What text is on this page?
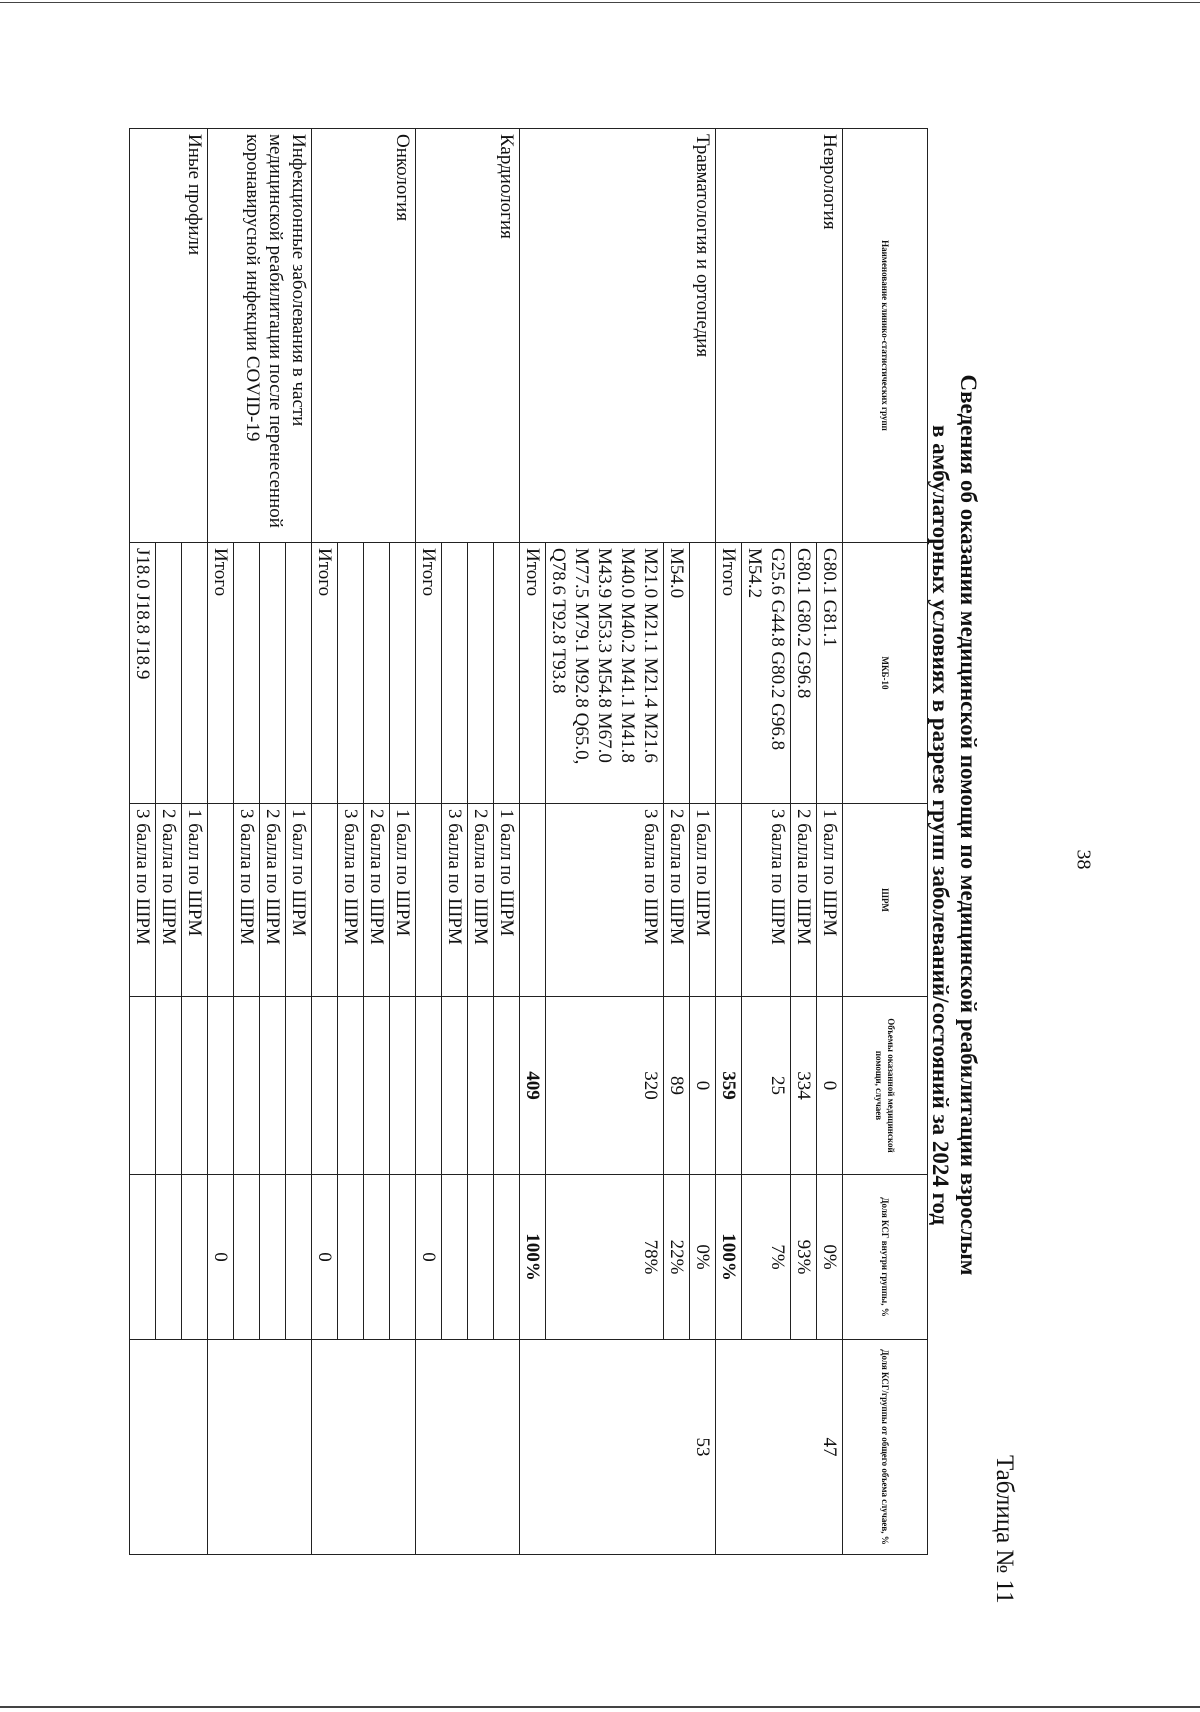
38
Таблица № 11
Сведения об оказании медицинской помощи по медицинской реабилитации взрослым
в амбулаторных условиях в разрезе групп заболеваний/состояний за 2024 год
Наименование клинико-статистических групп	МКБ-10	ШРМ	Объемы оказанной медицинской помощи, случаев	Доля КСГ внутри группы, %	Доля КСГ/группы от общего объема случаев, %
Неврология	G80.1 G81.1	1 балл по ШРМ	0	0%	47
	G80.1 G80.2 G96.8	2 балла по ШРМ	334	93%	
	G25.6 G44.8 G80.2 G96.8 M54.2	3 балла по ШРМ	25	7%	
	Итого		359	100%	
Травматология и ортопедия		1 балл по ШРМ	0	0%	53
	M54.0	2 балла по ШРМ	89	22%	
	M21.0 M21.1 M21.4 M21.6 M40.0 M40.2 M41.1 M41.8 M43.9 M53.3 M54.8 M67.0 M77.5 M79.1 M92.8 Q65.0, Q78.6 T92.8 T93.8	3 балла по ШРМ	320	78%	
	Итого		409	100%	
Кардиология		1 балл по ШРМ			
		2 балла по ШРМ			
		3 балла по ШРМ			
	Итого			0	
Онкология		1 балл по ШРМ			
		2 балла по ШРМ			
		3 балла по ШРМ			
	Итого			0	
Инфекционные заболевания в части медицинской реабилитации после перенесенной коронавирусной инфекции COVID-19		1 балл по ШРМ			
		2 балла по ШРМ			
		3 балла по ШРМ			
	Итого			0	
Иные профили		1 балл по ШРМ			
		2 балла по ШРМ			
	J18.0 J18.8 J18.9	3 балла по ШРМ			
